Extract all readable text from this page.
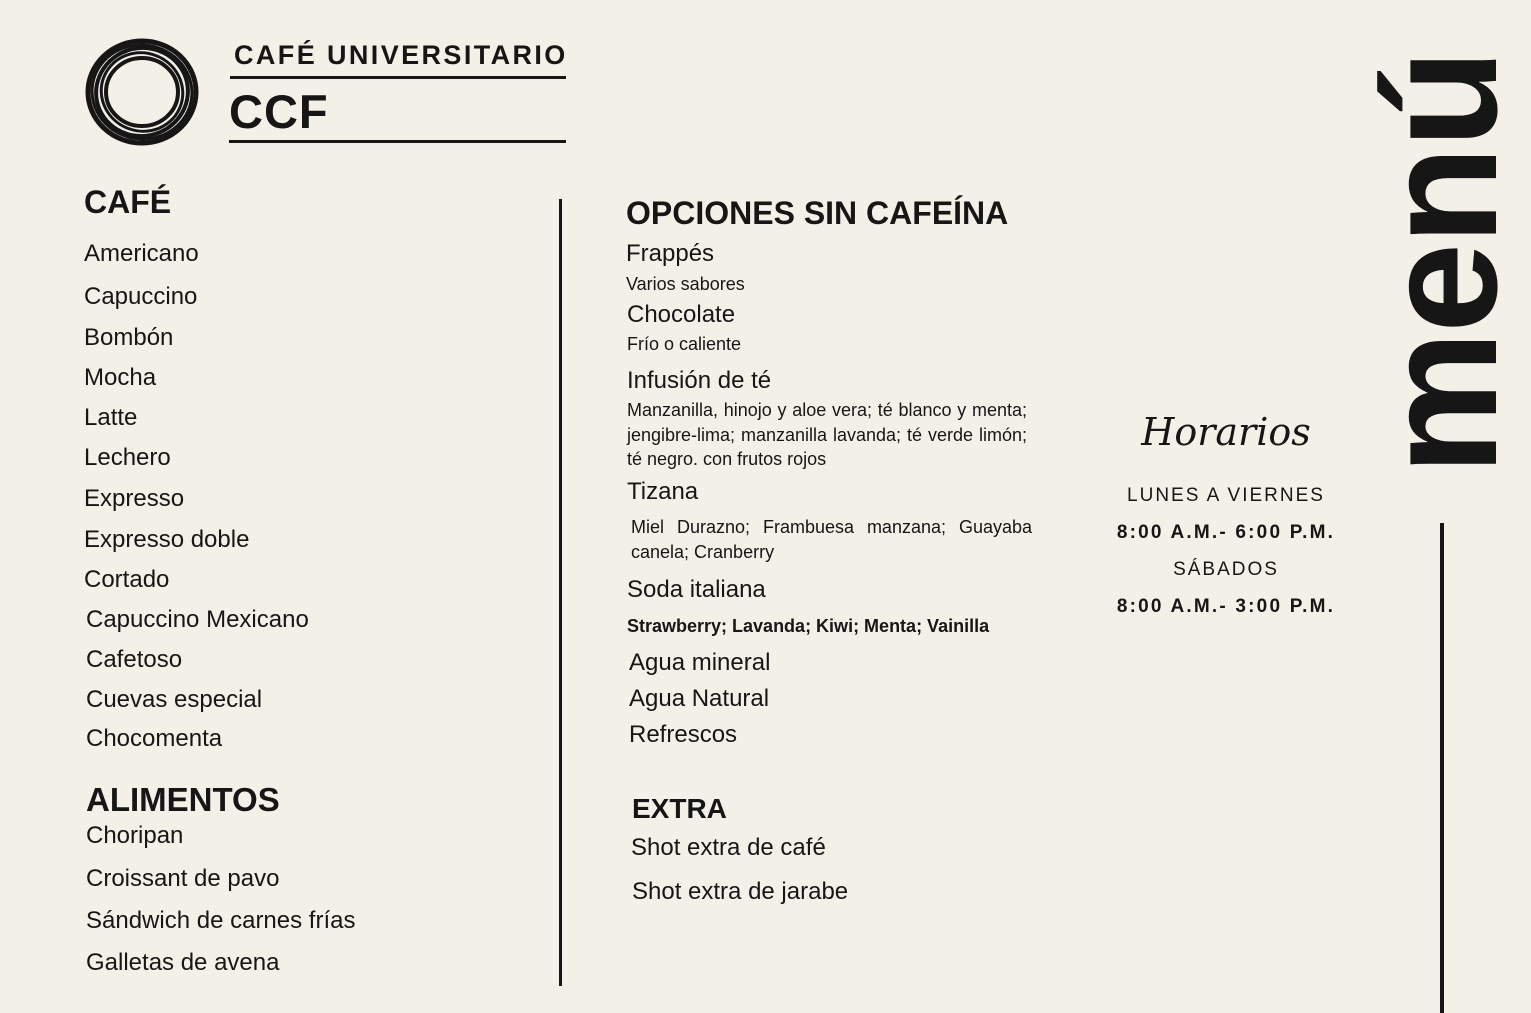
CAFÉ UNIVERSITARIO
CCF
CAFÉ
Americano
Capuccino
Bombón
Mocha
Latte
Lechero
Expresso
Expresso doble
Cortado
Capuccino Mexicano
Cafetoso
Cuevas especial
Chocomenta
ALIMENTOS
Choripan
Croissant de pavo
Sándwich de carnes frías
Galletas de avena
OPCIONES SIN CAFEÍNA
Frappés
Varios sabores
Chocolate
Frío o caliente
Infusión de té
Manzanilla, hinojo y aloe vera; té blanco y menta; jengibre-lima; manzanilla lavanda; té verde limón; té negro. con frutos rojos
Tizana
Miel Durazno; Frambuesa manzana; Guayaba canela; Cranberry
Soda italiana
Strawberry; Lavanda; Kiwi; Menta; Vainilla
Agua mineral
Agua Natural
Refrescos
EXTRA
Shot extra de café
Shot extra de jarabe
Horarios
LUNES A VIERNES
8:00 A.M.- 6:00 P.M.
SÁBADOS
8:00 A.M.- 3:00 P.M.
menú
